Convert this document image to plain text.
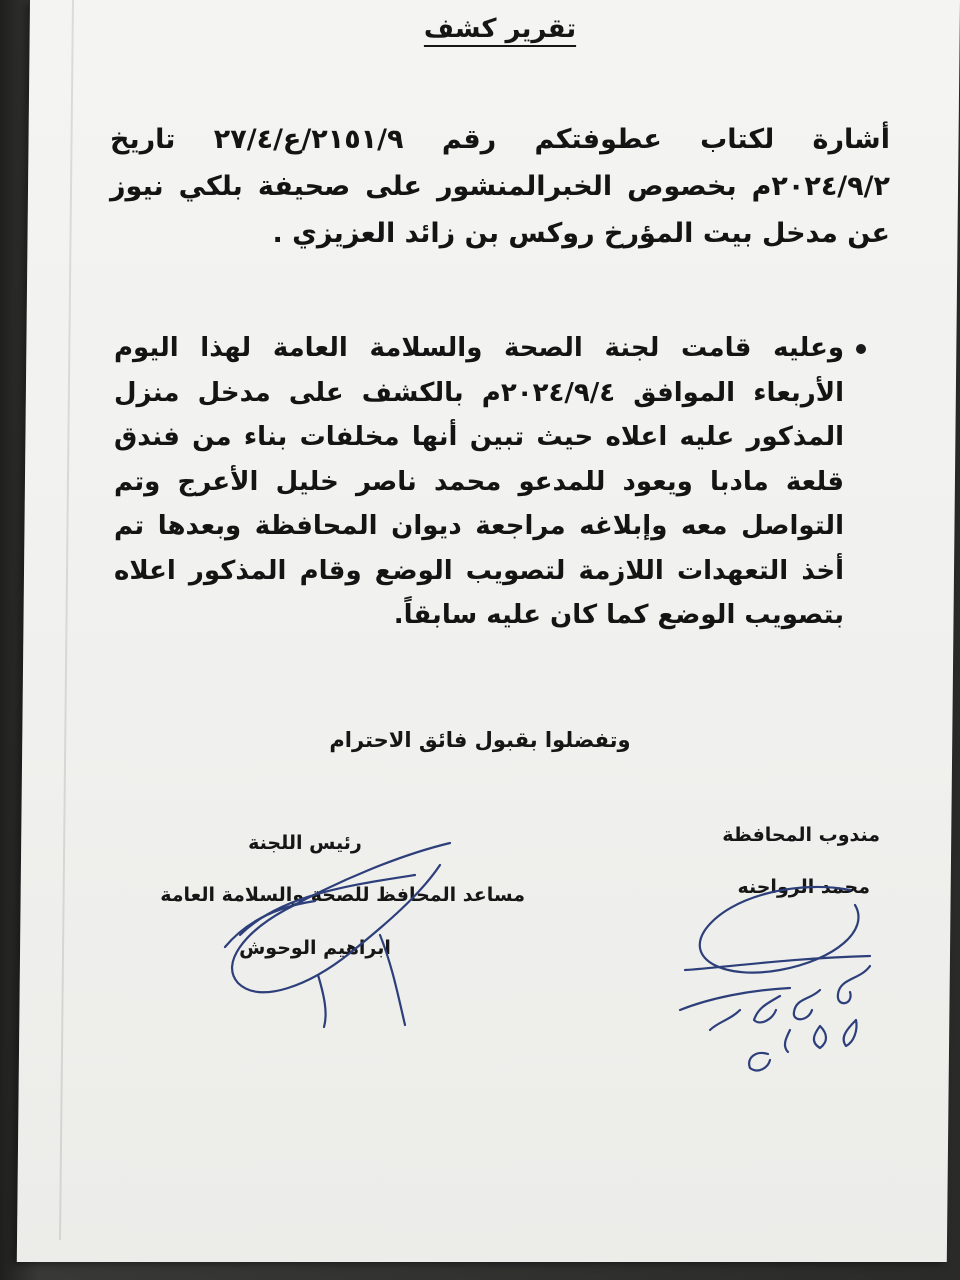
تقرير كشف
أشارة لكتاب عطوفتكم رقم ٢١٥١/٩/ع/٢٧/٤ تاريخ ٢٠٢٤/٩/٢م بخصوص الخبرالمنشور على صحيفة بلكي نيوز عن مدخل بيت المؤرخ روكس بن زائد العزيزي .
وعليه قامت لجنة الصحة والسلامة العامة لهذا اليوم الأربعاء الموافق ٢٠٢٤/٩/٤م بالكشف على مدخل منزل المذكور عليه اعلاه حيث تبين أنها مخلفات بناء من فندق قلعة مادبا ويعود للمدعو محمد ناصر خليل الأعرج وتم التواصل معه وإبلاغه مراجعة ديوان المحافظة وبعدها تم أخذ التعهدات اللازمة لتصويب الوضع وقام المذكور اعلاه بتصويب الوضع كما كان عليه سابقاً.
وتفضلوا بقبول فائق الاحترام
رئيس اللجنة
مساعد المحافظ للصحة والسلامة العامة
ابراهيم الوحوش
مندوب المحافظة
محمد الرواحنه
